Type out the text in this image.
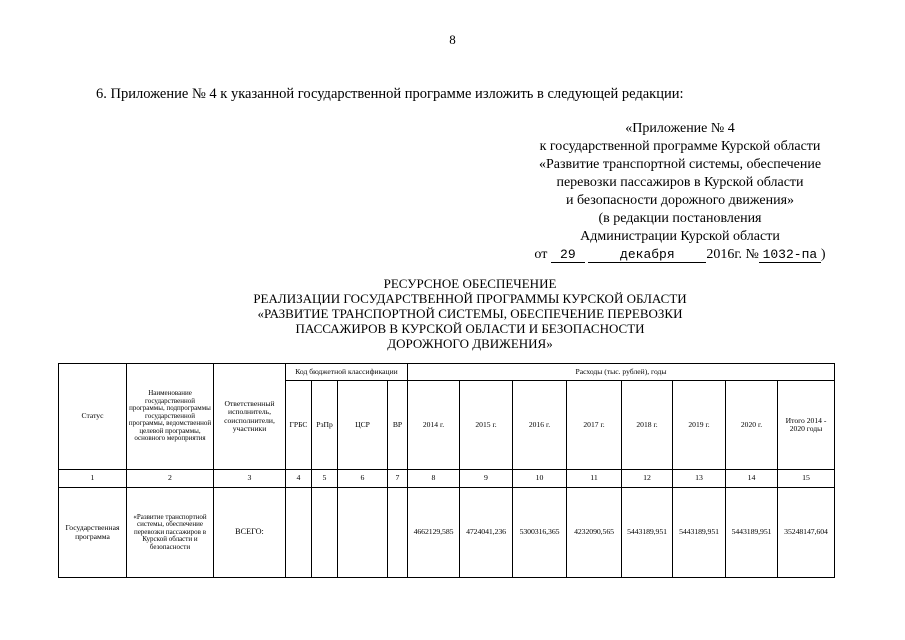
8
6. Приложение № 4 к указанной государственной программе изложить в следующей редакции:
«Приложение № 4
к государственной программе Курской области
«Развитие транспортной системы, обеспечение
перевозки пассажиров в Курской области
и безопасности дорожного движения»
(в редакции постановления
Администрации Курской области
от 29	декабря 2016г. № 1032-па )
РЕСУРСНОЕ ОБЕСПЕЧЕНИЕ
РЕАЛИЗАЦИИ ГОСУДАРСТВЕННОЙ ПРОГРАММЫ КУРСКОЙ ОБЛАСТИ
«РАЗВИТИЕ ТРАНСПОРТНОЙ СИСТЕМЫ, ОБЕСПЕЧЕНИЕ ПЕРЕВОЗКИ
ПАССАЖИРОВ В КУРСКОЙ ОБЛАСТИ И БЕЗОПАСНОСТИ
ДОРОЖНОГО ДВИЖЕНИЯ»
Статус	Наименование государственной программы, подпрограммы государственной программы, ведомственной целевой программы, основного мероприятия	Ответственный исполнитель, соисполнители, участники	Код бюджетной классификации				Расходы (тыс. рублей), годы							
			ГРБС	РзПр	ЦСР	ВР	2014 г.	2015 г.	2016 г.	2017 г.	2018 г.	2019 г.	2020 г.	Итого 2014 - 2020 годы
1	2	3	4	5	6	7	8	9	10	11	12	13	14	15
Государственная программа	«Развитие транспортной системы, обеспечение перевозки пассажиров в Курской области и безопасности	ВСЕГО:					4662129,585	4724041,236	5300316,365	4232090,565	5443189,951	5443189,951	5443189,951	35248147,604
